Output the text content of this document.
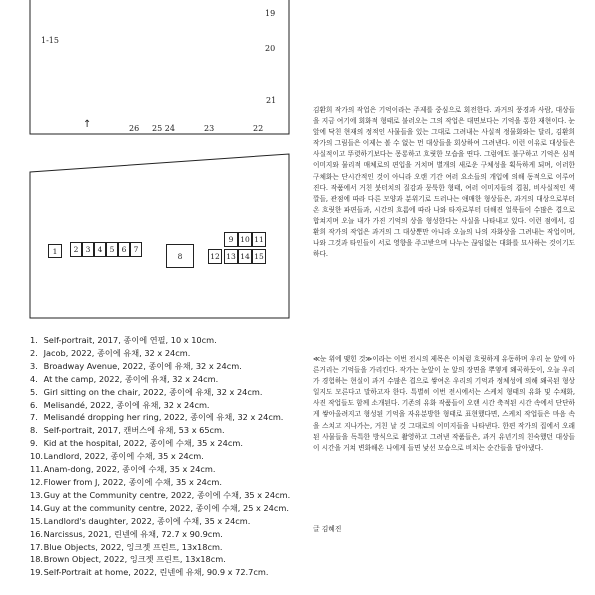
19
1-15
20
21
26 25 24	23	22
↑
1	2 3 4 5 6 7
8
9 10 11
12 13 14 15
1. Self-portrait, 2017, 종이에 연필, 10 x 10cm.
2. Jacob, 2022, 종이에 유채, 32 x 24cm.
3. Broadway Avenue, 2022, 종이에 유채, 32 x 24cm.
4. At the camp, 2022, 종이에 유채, 32 x 24cm.
5. Girl sitting on the chair, 2022, 종이에 유채, 32 x 24cm.
6. Melisandé, 2022, 종이에 유채, 32 x 24cm.
7. Melisandé dropping her ring, 2022, 종이에 유채, 32 x 24cm.
8. Self-portrait, 2017, 캔버스에 유채, 53 x 65cm.
9. Kid at the hospital, 2022, 종이에 수채, 35 x 24cm.
10. Landlord, 2022, 종이에 수채, 35 x 24cm.
11. Anam-dong, 2022, 종이에 수채, 35 x 24cm.
12. Flower from J, 2022, 종이에 수채, 35 x 24cm.
13. Guy at the Community centre, 2022, 종이에 수채, 35 x 24cm.
14. Guy at the community centre, 2022, 종이에 수채, 25 x 24cm.
15. Landlord's daughter, 2022, 종이에 수채, 35 x 24cm.
16. Narcissus, 2021, 린넨에 유채, 72.7 x 90.9cm.
17. Blue Objects, 2022, 잉크젯 프린트, 13x18cm.
18. Brown Object, 2022, 잉크젯 프린트, 13x18cm.
19. Self-Portrait at home, 2022, 린넨에 유채, 90.9 x 72.7cm.

김환희 작가의 작업은 기억이라는 주제를 중심으로 회전한다. 과거의 풍경과 사람, 대상들을 지금 여기에 회화적 형태로 불러오는 그의 작업은 대면보다는 기억을 통한 재현이다. 눈 앞에 닥친 현재의 정적인 사물들을 있는 그대로 그려내는 사실적 정물화와는 달리, 김환희 작가의 그림들은 이제는 볼 수 없는 먼 대상들을 회상하여 그려낸다. 이런 이유로 대상들은 사실적이고 뚜렷하기보다는 몽롱하고 흐릿한 모습을 띤다. 그럼에도 불구하고 기억은 심적 이미지와 물리적 매체로의 편입을 거치며 별개의 새로운 구체성을 획득하게 되며, 이러한 구체화는 단시간적인 것이 아니라 오랜 기간 여러 요소들의 개입에 의해 동적으로 이루어진다. 작품에서 거친 붓터치의 질감과 뭉툭한 형태, 여러 이미지들의 겹침, 비사실적인 색깔들, 관점에 따라 다른 모양과 분위기로 드러나는 애매한 형상들은, 과거의 대상으로부터 온 흐릿한 파편들과, 시간의 흐름에 따라 나와 타자로부터 더해진 얼룩들이 수많은 겹으로 합쳐지며 오늘 내가 가진 기억의 상을 형성한다는 사실을 나타내고 있다. 이런 점에서, 김환희 작가의 작업은 과거의 그 대상뿐만 아니라 오늘의 나의 자화상을 그려내는 작업이며, 나와 그것과 타인들이 서로 영향을 주고받으며 나누는 끊임없는 대화를 묘사하는 것이기도 하다.

≪눈 위에 맺힌 것≫이라는 이번 전시의 제목은 이처럼 흐릿하게 유동하며 우리 눈 앞에 아른거리는 기억들을 가리킨다. 작가는 눈앞이 눈 앞의 장면을 뿌옇게 왜곡하듯이, 오늘 우리가 경험하는 현실이 과거 수많은 겹으로 쌓여온 우리의 기억과 정체성에 의해 왜곡된 형상일지도 모른다고 말하고자 한다. 특별히 이번 전시에서는 스케치 형태의 유화 및 수채화, 사진 작업들도 함께 소개된다. 기존의 유화 작품들이 오랜 시간 축적된 시간 속에서 단단하게 쌓아올려지고 형성된 기억을 자유분방한 형태로 표현했다면, 스케치 작업들은 마음 속을 스치고 지나가는, 거친 날 것 그대로의 이미지들을 나타낸다. 한편 작가의 집에서 오래된 사물들을 독특한 방식으로 촬영하고 그려낸 작품들은, 과거 유년기의 친숙했던 대상들이 시간을 거쳐 변화해온 나에게 들면 낯선 모습으로 비치는 순간들을 담아냈다.

글 김혜진
